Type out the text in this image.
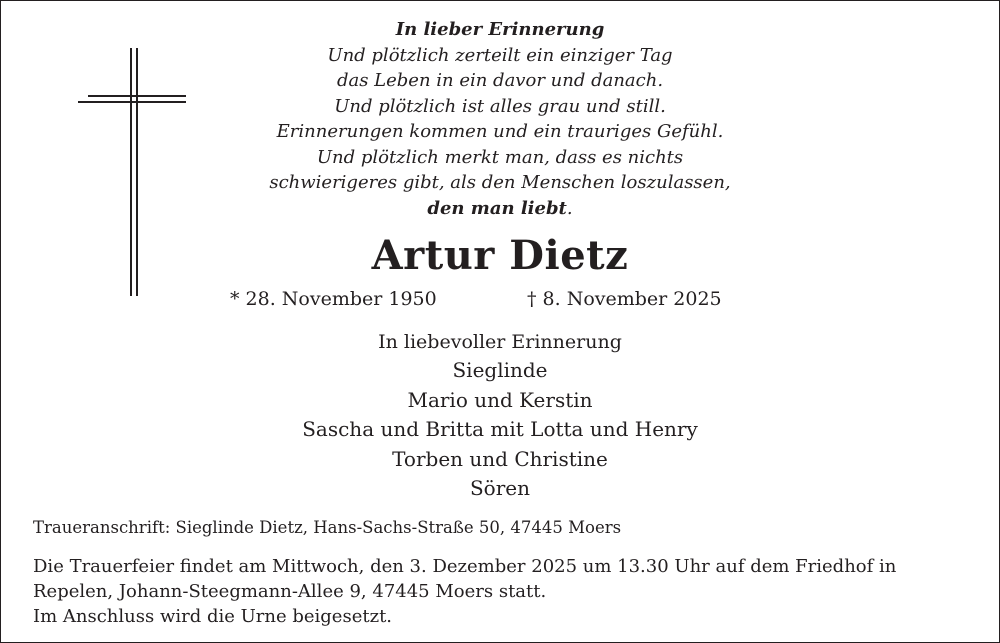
In lieber Erinnerung
Und plötzlich zerteilt ein einziger Tag
das Leben in ein davor und danach.
Und plötzlich ist alles grau und still.
Erinnerungen kommen und ein trauriges Gefühl.
Und plötzlich merkt man, dass es nichts
schwierigeres gibt, als den Menschen loszulassen,
den man liebt.
Artur Dietz
* 28. November 1950	† 8. November 2025
In liebevoller Erinnerung
Sieglinde
Mario und Kerstin
Sascha und Britta mit Lotta und Henry
Torben und Christine
Sören
Traueranschrift: Sieglinde Dietz, Hans-Sachs-Straße 50, 47445 Moers
Die Trauerfeier findet am Mittwoch, den 3. Dezember 2025 um 13.30 Uhr auf dem Friedhof in
Repelen, Johann-Steegmann-Allee 9, 47445 Moers statt.
Im Anschluss wird die Urne beigesetzt.
